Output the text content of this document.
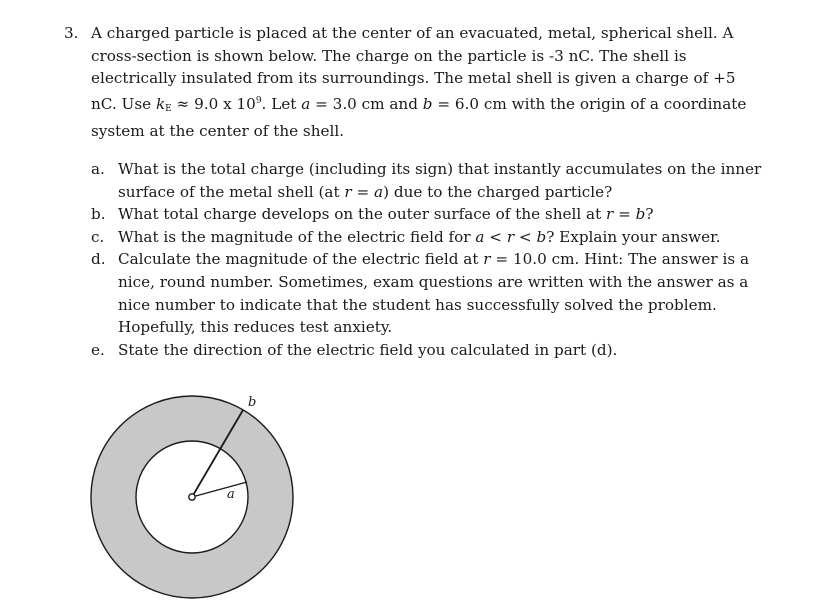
3. A charged particle is placed at the center of an evacuated, metal, spherical shell. A cross-section is shown below. The charge on the particle is -3 nC. The shell is electrically insulated from its surroundings. The metal shell is given a charge of +5 nC. Use $k_E \approx 9.0$ x $10^9$. Let a = 3.0 cm and b = 6.0 cm with the origin of a coordinate system at the center of the shell.
a. What is the total charge (including its sign) that instantly accumulates on the inner surface of the metal shell (at r = a) due to the charged particle?
b. What total charge develops on the outer surface of the shell at r = b?
c. What is the magnitude of the electric field for a < r < b? Explain your answer.
d. Calculate the magnitude of the electric field at r = 10.0 cm. Hint: The answer is a nice, round number. Sometimes, exam questions are written with the answer as a nice number to indicate that the student has successfully solved the problem. Hopefully, this reduces test anxiety.
e. State the direction of the electric field you calculated in part (d).
b
a
